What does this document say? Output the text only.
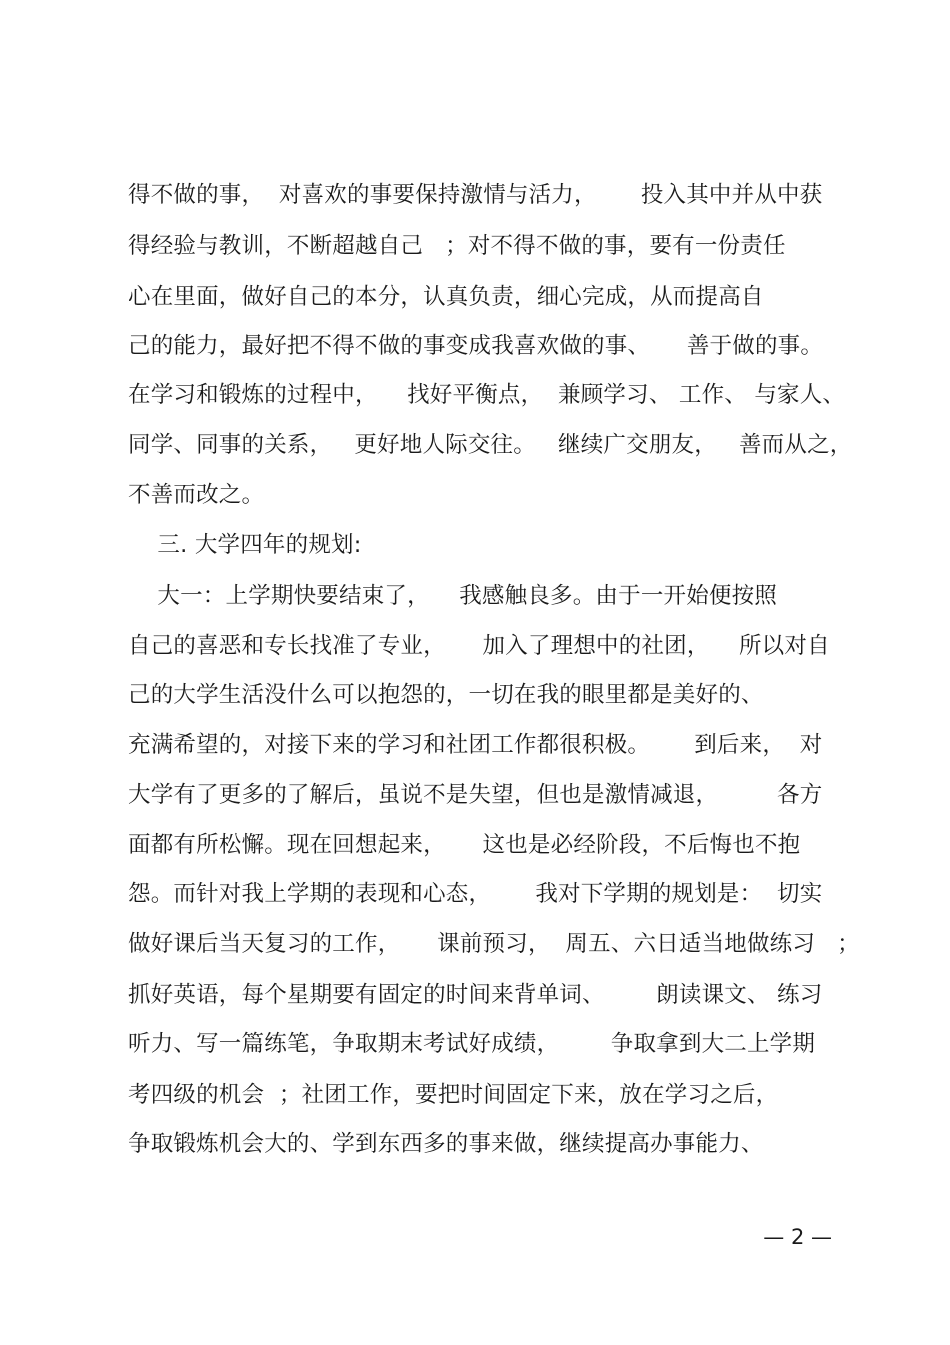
得不做的事，  对喜欢的事要保持激情与活力，      投入其中并从中获
得经验与教训，不断超越自己   ；对不得不做的事，要有一份责任
心在里面，做好自己的本分，认真负责，细心完成，从而提高自
己的能力，最好把不得不做的事变成我喜欢做的事、     善于做的事。
在学习和锻炼的过程中，    找好平衡点，  兼顾学习、 工作、 与家人、
同学、同事的关系，   更好地人际交往。   继续广交朋友，   善而从之，
不善而改之。
三. 大学四年的规划:
大一：上学期快要结束了，    我感触良多。由于一开始便按照
自己的喜恶和专长找准了专业，     加入了理想中的社团，    所以对自
己的大学生活没什么可以抱怨的，一切在我的眼里都是美好的、
充满希望的，对接下来的学习和社团工作都很积极。      到后来，  对
大学有了更多的了解后，虽说不是失望，但也是激情减退，        各方
面都有所松懈。现在回想起来，     这也是必经阶段，不后悔也不抱
怨。而针对我上学期的表现和心态，      我对下学期的规划是：  切实
做好课后当天复习的工作，     课前预习，  周五、六日适当地做练习   ；
抓好英语，每个星期要有固定的时间来背单词、       朗读课文、 练习
听力、写一篇练笔，争取期末考试好成绩，       争取拿到大二上学期
考四级的机会  ；社团工作，要把时间固定下来，放在学习之后，
争取锻炼机会大的、学到东西多的事来做，继续提高办事能力、
— 2 —
